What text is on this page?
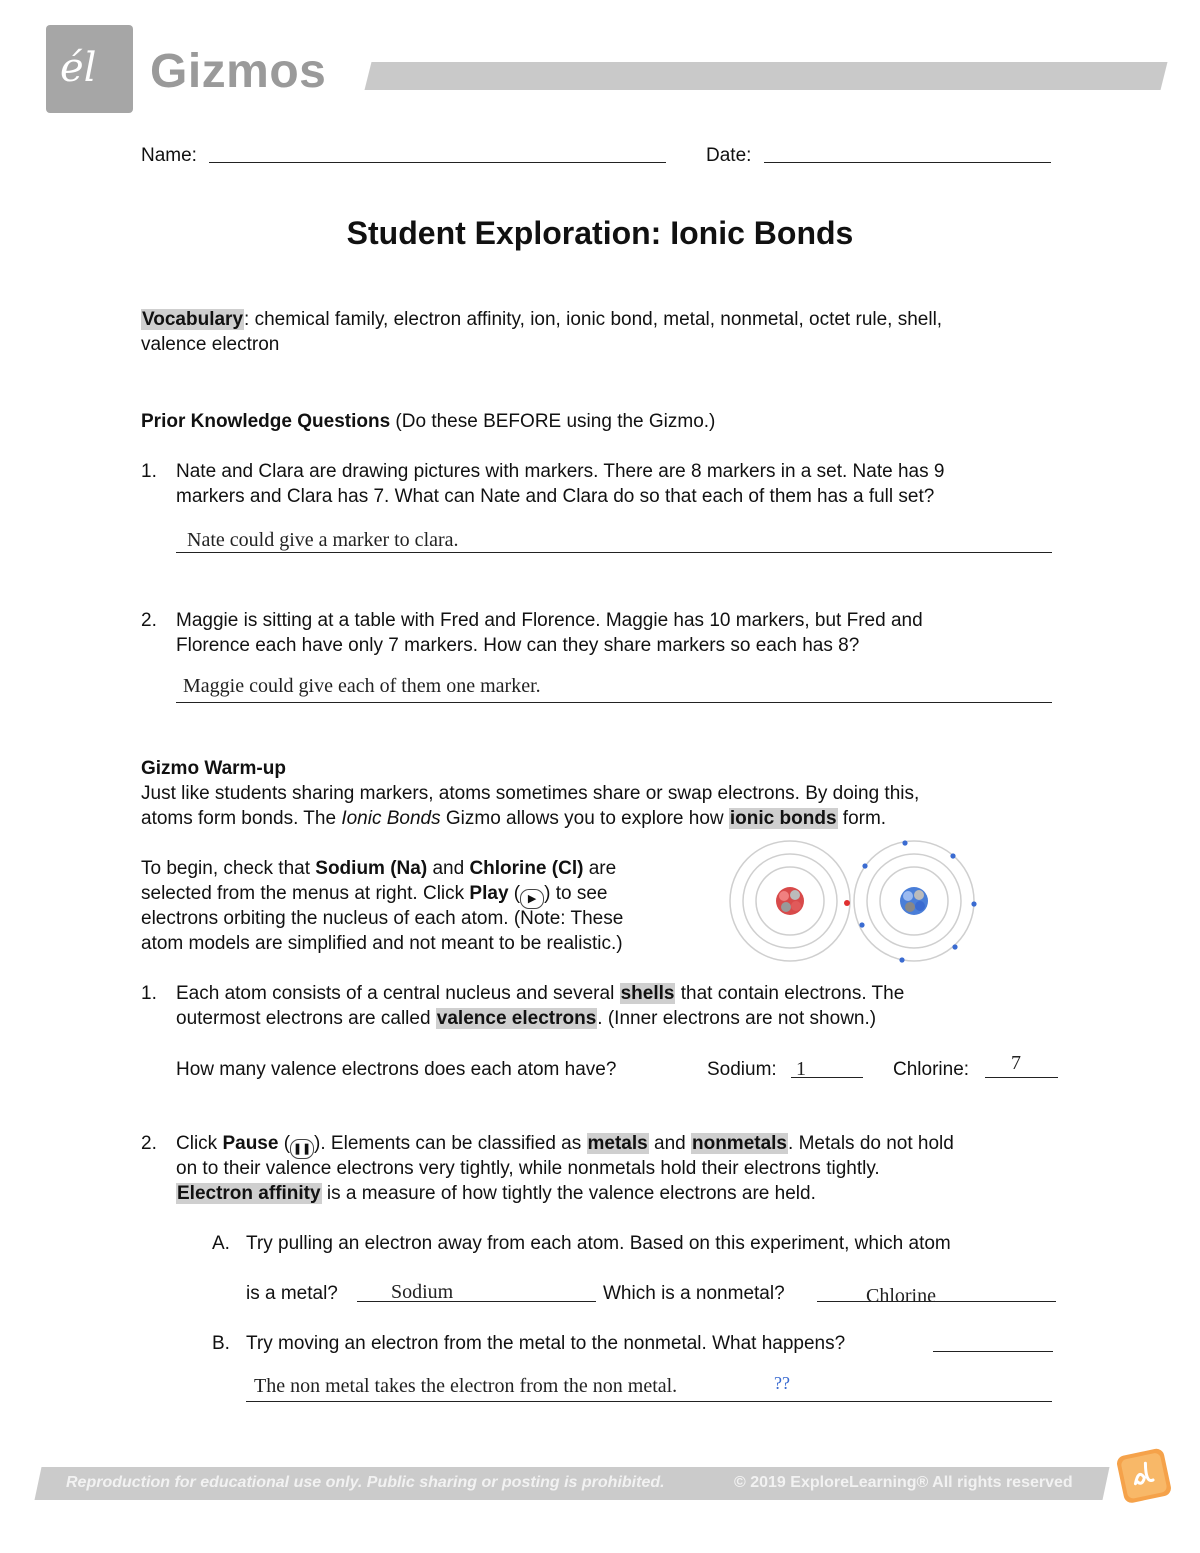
él Gizmos
Name:	Date:
Student Exploration: Ionic Bonds
Vocabulary: chemical family, electron affinity, ion, ionic bond, metal, nonmetal, octet rule, shell,
valence electron
Prior Knowledge Questions (Do these BEFORE using the Gizmo.)
1. Nate and Clara are drawing pictures with markers. There are 8 markers in a set. Nate has 9
markers and Clara has 7. What can Nate and Clara do so that each of them has a full set?
Nate could give a marker to clara.
2. Maggie is sitting at a table with Fred and Florence. Maggie has 10 markers, but Fred and
Florence each have only 7 markers. How can they share markers so each has 8?
Maggie could give each of them one marker.
Gizmo Warm-up
Just like students sharing markers, atoms sometimes share or swap electrons. By doing this,
atoms form bonds. The Ionic Bonds Gizmo allows you to explore how ionic bonds form.
To begin, check that Sodium (Na) and Chlorine (Cl) are
selected from the menus at right. Click Play ( ▶ ) to see
electrons orbiting the nucleus of each atom. (Note: These
atom models are simplified and not meant to be realistic.)
1. Each atom consists of a central nucleus and several shells that contain electrons. The
outermost electrons are called valence electrons. (Inner electrons are not shown.)
How many valence electrons does each atom have?	Sodium: 1	Chlorine: 7
2. Click Pause ( ❚❚ ). Elements can be classified as metals and nonmetals. Metals do not hold
on to their valence electrons very tightly, while nonmetals hold their electrons tightly.
Electron affinity is a measure of how tightly the valence electrons are held.
A. Try pulling an electron away from each atom. Based on this experiment, which atom
is a metal?	Sodium	Which is a nonmetal?	Chlorine
B. Try moving an electron from the metal to the nonmetal. What happens?
The non metal takes the electron from the non metal.	??
Reproduction for educational use only. Public sharing or posting is prohibited.	© 2019 ExploreLearning® All rights reserved
